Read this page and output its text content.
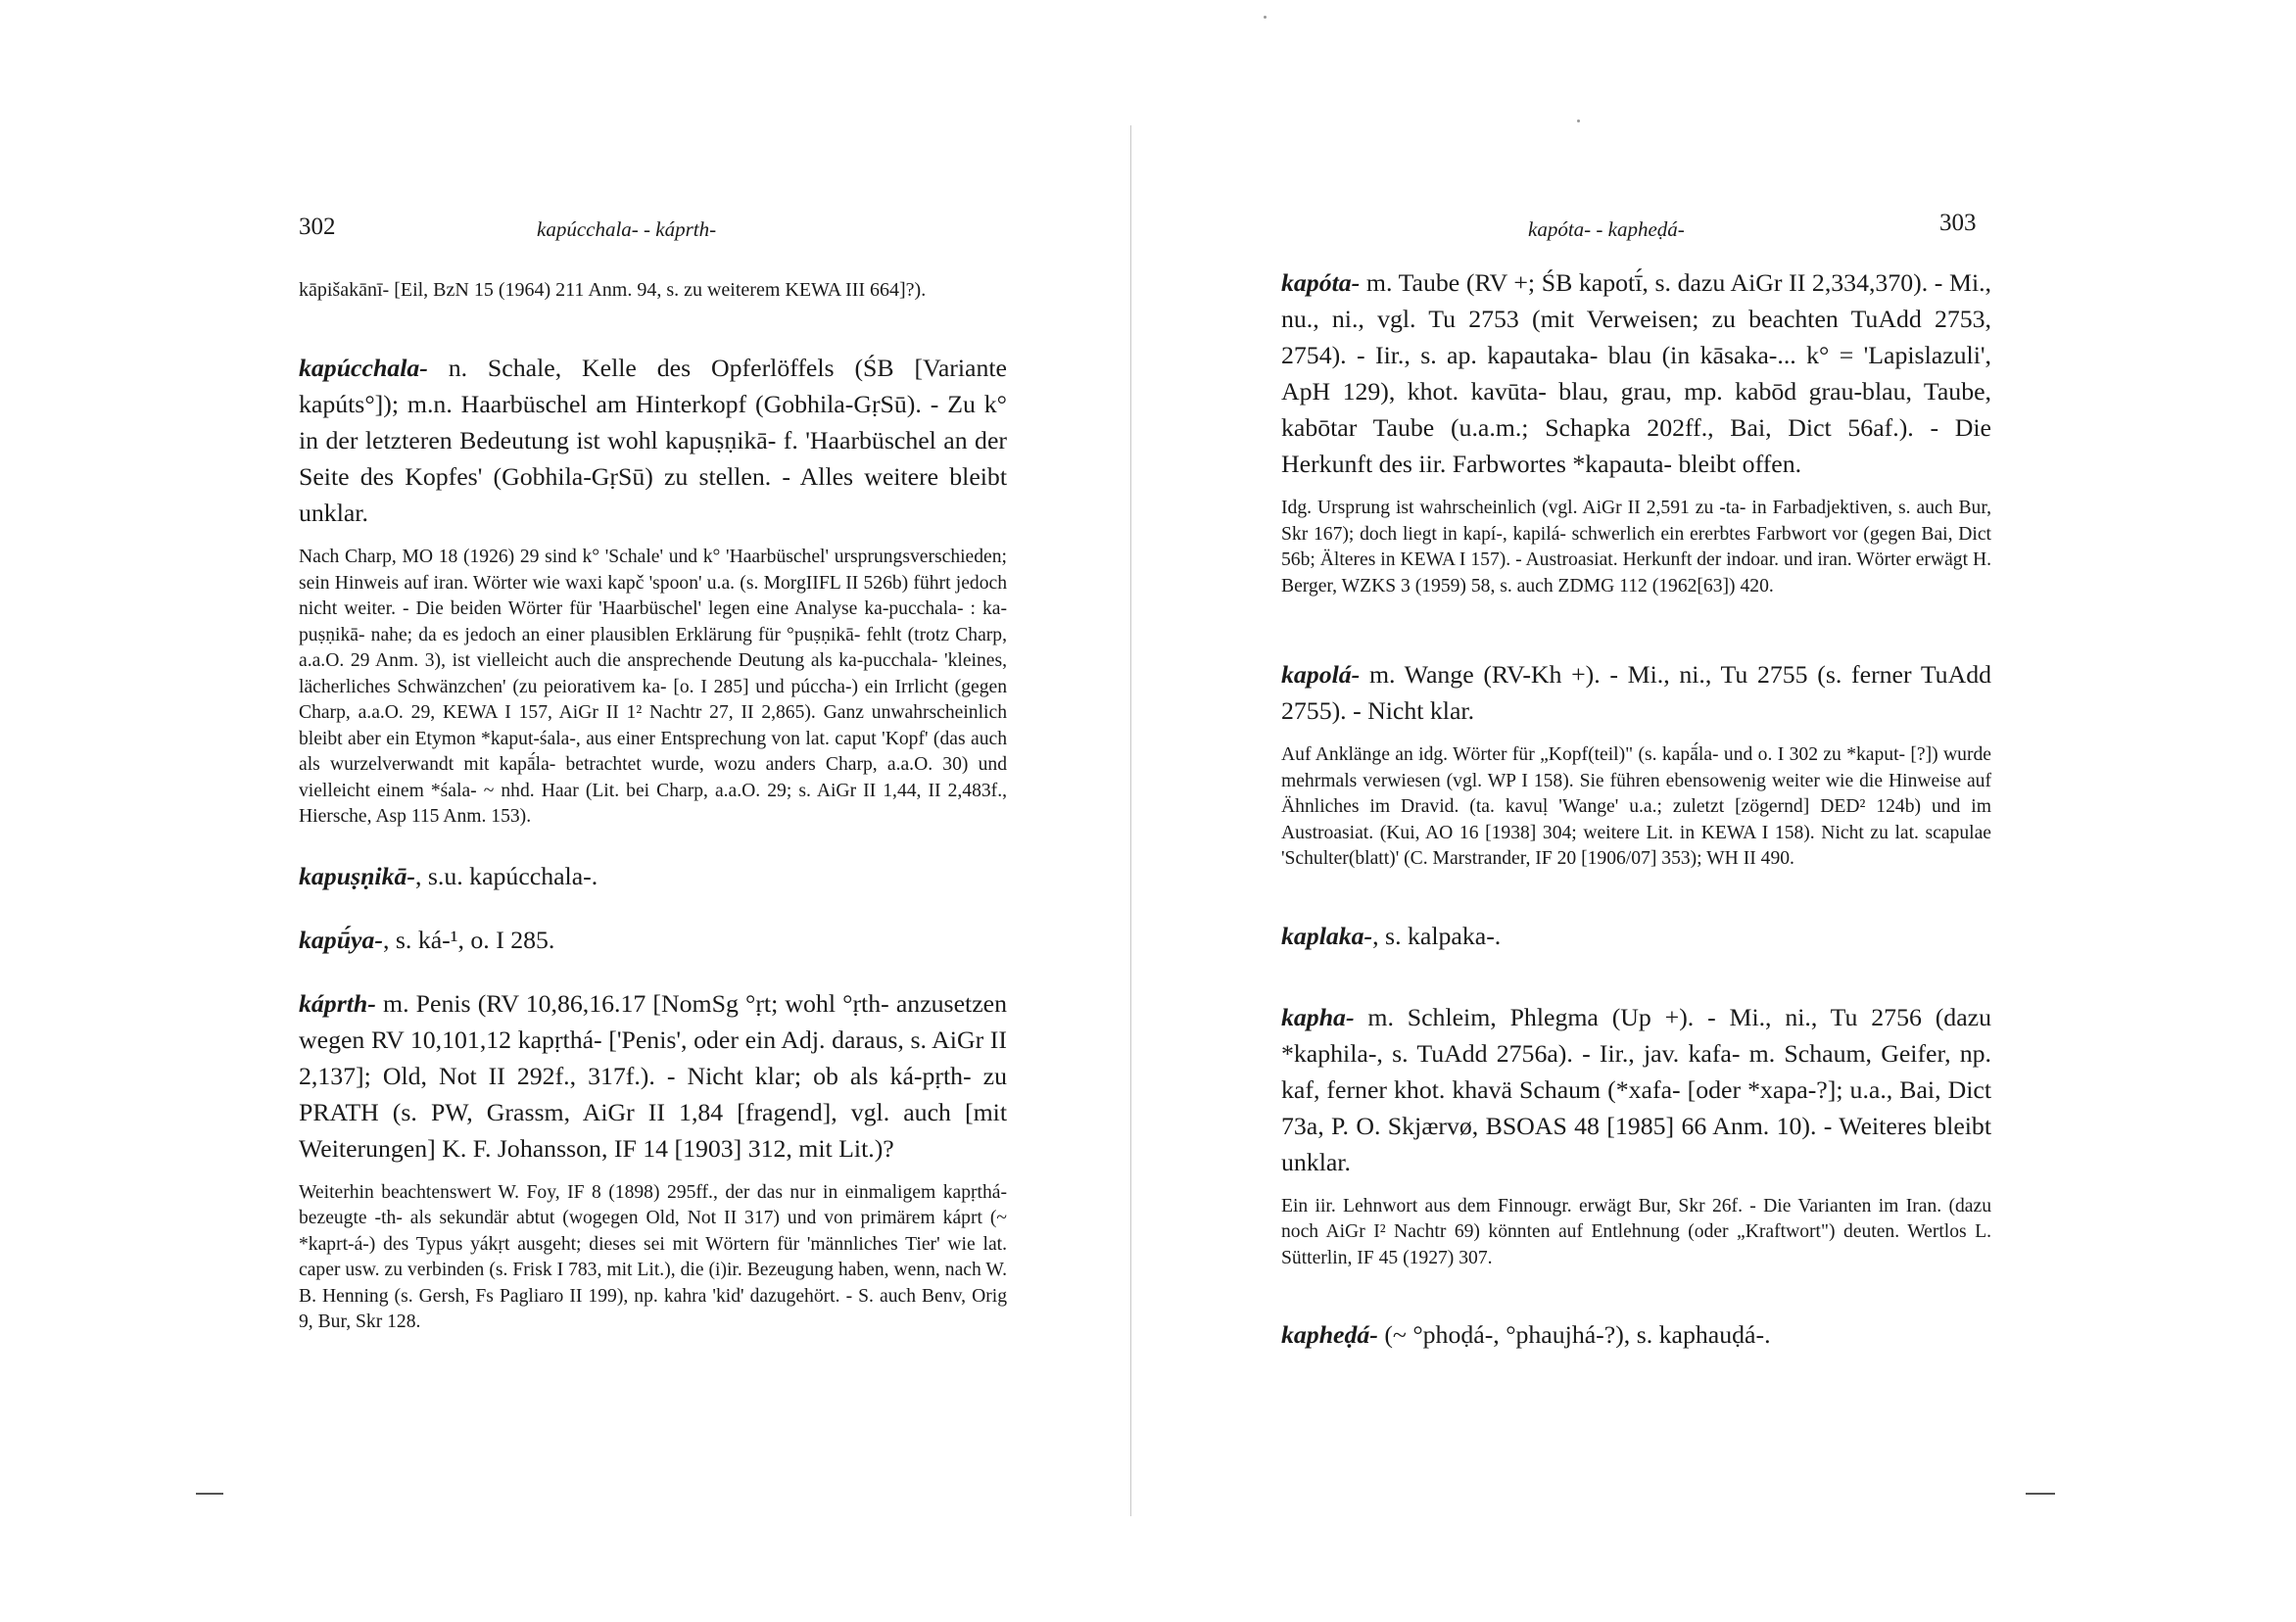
302	kapúcchala- - káprth-

kāpišakānī- [Eil, BzN 15 (1964) 211 Anm. 94, s. zu weiterem KEWA III 664]?).

kapúcchala- n. Schale, Kelle des Opferlöffels (ŚB [Variante kapúts°]); m.n. Haarbüschel am Hinterkopf (Gobhila-GṛSū). - Zu k° in der letzteren Bedeutung ist wohl kapuṣṇikā- f. 'Haarbüschel an der Seite des Kopfes' (Gobhila-GṛSū) zu stellen. - Alles weitere bleibt unklar.

Nach Charp, MO 18 (1926) 29 sind k° 'Schale' und k° 'Haarbüschel' ursprungsverschieden; sein Hinweis auf iran. Wörter wie waxi kapč 'spoon' u.a. (s. MorgIIFL II 526b) führt jedoch nicht weiter. - Die beiden Wörter für 'Haarbüschel' legen eine Analyse ka-pucchala- : ka-puṣṇikā- nahe; da es jedoch an einer plausiblen Erklärung für °puṣṇikā- fehlt (trotz Charp, a.a.O. 29 Anm. 3), ist vielleicht auch die ansprechende Deutung als ka-pucchala- 'kleines, lächerliches Schwänzchen' (zu peiorativem ka- [o. I 285] und púccha-) ein Irrlicht (gegen Charp, a.a.O. 29, KEWA I 157, AiGr II 1² Nachtr 27, II 2,865). Ganz unwahrscheinlich bleibt aber ein Etymon *kaput-śala-, aus einer Entsprechung von lat. caput 'Kopf' (das auch als wurzelverwandt mit kapā́la- betrachtet wurde, wozu anders Charp, a.a.O. 30) und vielleicht einem *śala- ~ nhd. Haar (Lit. bei Charp, a.a.O. 29; s. AiGr II 1,44, II 2,483f., Hiersche, Asp 115 Anm. 153).

kapuṣṇikā-, s.u. kapúcchala-.

kapū́ya-, s. ká-¹, o. I 285.

káprth- m. Penis (RV 10,86,16.17 [NomSg °ṛt; wohl °ṛth- anzusetzen wegen RV 10,101,12 kapṛthá- ['Penis', oder ein Adj. daraus, s. AiGr II 2,137]; Old, Not II 292f., 317f.). - Nicht klar; ob als ká-pṛth- zu PRATH (s. PW, Grassm, AiGr II 1,84 [fragend], vgl. auch [mit Weiterungen] K. F. Johansson, IF 14 [1903] 312, mit Lit.)?

Weiterhin beachtenswert W. Foy, IF 8 (1898) 295ff., der das nur in einmaligem kapṛthá- bezeugte -th- als sekundär abtut (wogegen Old, Not II 317) und von primärem káprt (~ *kaprt-á-) des Typus yákṛt ausgeht; dieses sei mit Wörtern für 'männliches Tier' wie lat. caper usw. zu verbinden (s. Frisk I 783, mit Lit.), die (i)ir. Bezeugung haben, wenn, nach W. B. Henning (s. Gersh, Fs Pagliaro II 199), np. kahra 'kid' dazugehört. - S. auch Benv, Orig 9, Bur, Skr 128.

kapóta- - kapheḍá-	303

kapóta- m. Taube (RV +; ŚB kapotī́, s. dazu AiGr II 2,334,370). - Mi., nu., ni., vgl. Tu 2753 (mit Verweisen; zu beachten TuAdd 2753, 2754). - Iir., s. ap. kapautaka- blau (in kāsaka-... k° = 'Lapislazuli', ApH 129), khot. kavūta- blau, grau, mp. kabōd grau-blau, Taube, kabōtar Taube (u.a.m.; Schapka 202ff., Bai, Dict 56af.). - Die Herkunft des iir. Farbwortes *kapauta- bleibt offen.

Idg. Ursprung ist wahrscheinlich (vgl. AiGr II 2,591 zu -ta- in Farbadjektiven, s. auch Bur, Skr 167); doch liegt in kapí-, kapilá- schwerlich ein ererbtes Farbwort vor (gegen Bai, Dict 56b; Älteres in KEWA I 157). - Austroasiat. Herkunft der indoar. und iran. Wörter erwägt H. Berger, WZKS 3 (1959) 58, s. auch ZDMG 112 (1962[63]) 420.

kapolá- m. Wange (RV-Kh +). - Mi., ni., Tu 2755 (s. ferner TuAdd 2755). - Nicht klar.

Auf Anklänge an idg. Wörter für „Kopf(teil)" (s. kapā́la- und o. I 302 zu *kaput- [?]) wurde mehrmals verwiesen (vgl. WP I 158). Sie führen ebensowenig weiter wie die Hinweise auf Ähnliches im Dravid. (ta. kavuḷ 'Wange' u.a.; zuletzt [zögernd] DED² 124b) und im Austroasiat. (Kui, AO 16 [1938] 304; weitere Lit. in KEWA I 158). Nicht zu lat. scapulae 'Schulter(blatt)' (C. Marstrander, IF 20 [1906/07] 353); WH II 490.

kaplaka-, s. kalpaka-.

kapha- m. Schleim, Phlegma (Up +). - Mi., ni., Tu 2756 (dazu *kaphila-, s. TuAdd 2756a). - Iir., jav. kafa- m. Schaum, Geifer, np. kaf, ferner khot. khavä Schaum (*xafa- [oder *xapa-?]; u.a., Bai, Dict 73a, P. O. Skjærvø, BSOAS 48 [1985] 66 Anm. 10). - Weiteres bleibt unklar.

Ein iir. Lehnwort aus dem Finnougr. erwägt Bur, Skr 26f. - Die Varianten im Iran. (dazu noch AiGr I² Nachtr 69) könnten auf Entlehnung (oder „Kraftwort") deuten. Wertlos L. Sütterlin, IF 45 (1927) 307.

kapheḍá- (~ °phoḍá-, °phaujhá-?), s. kaphauḍá-.
